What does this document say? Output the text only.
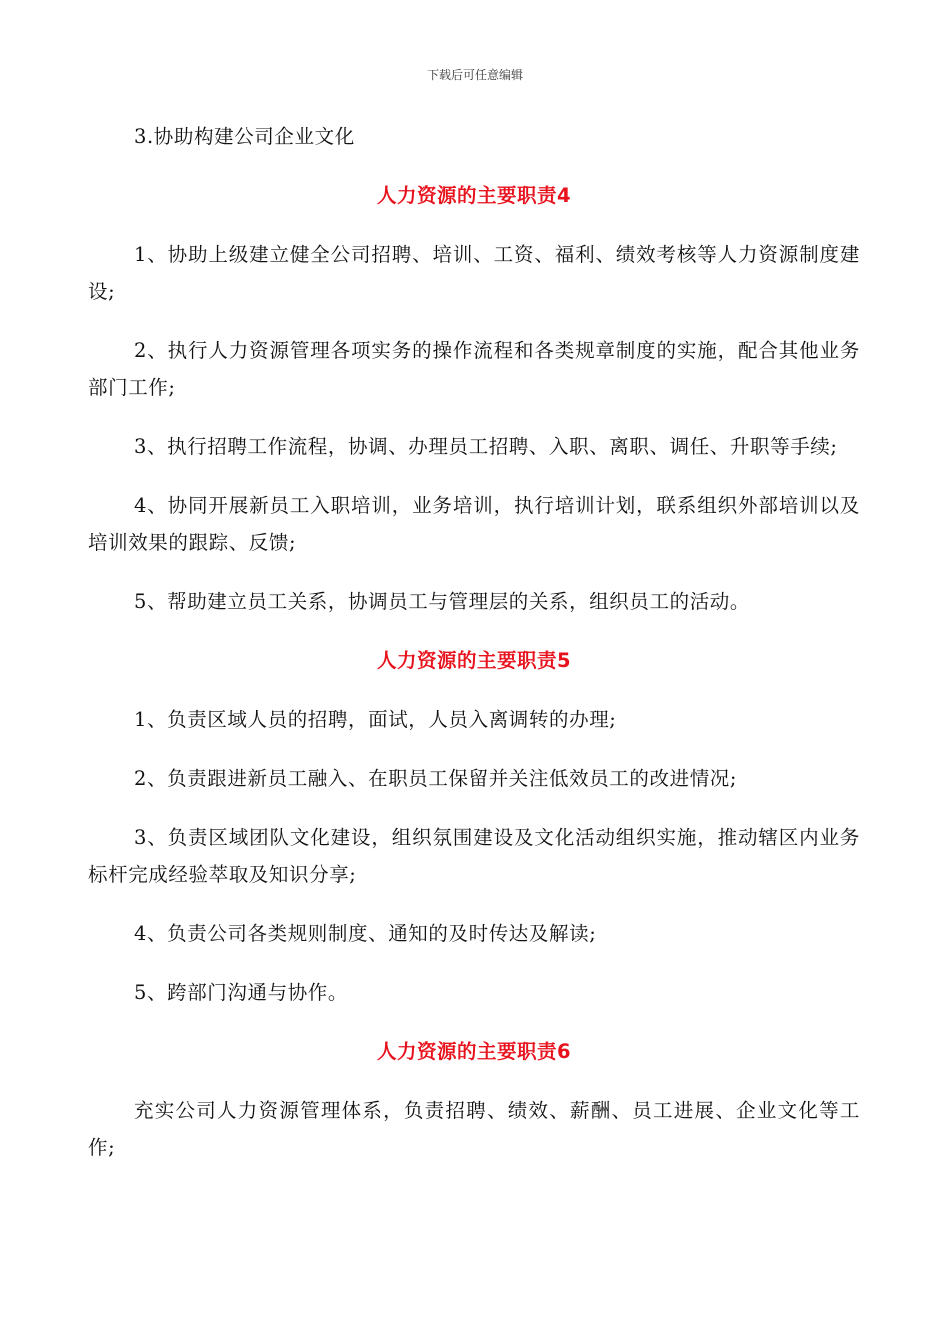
下载后可任意编辑

3.协助构建公司企业文化

人力资源的主要职责4

1、协助上级建立健全公司招聘、培训、工资、福利、绩效考核等人力资源制度建设;

2、执行人力资源管理各项实务的操作流程和各类规章制度的实施，配合其他业务部门工作;

3、执行招聘工作流程，协调、办理员工招聘、入职、离职、调任、升职等手续;

4、协同开展新员工入职培训，业务培训，执行培训计划，联系组织外部培训以及培训效果的跟踪、反馈;

5、帮助建立员工关系，协调员工与管理层的关系，组织员工的活动。

人力资源的主要职责5

1、负责区域人员的招聘，面试，人员入离调转的办理;

2、负责跟进新员工融入、在职员工保留并关注低效员工的改进情况;

3、负责区域团队文化建设，组织氛围建设及文化活动组织实施，推动辖区内业务标杆完成经验萃取及知识分享;

4、负责公司各类规则制度、通知的及时传达及解读;

5、跨部门沟通与协作。

人力资源的主要职责6

充实公司人力资源管理体系，负责招聘、绩效、薪酬、员工进展、企业文化等工作;
